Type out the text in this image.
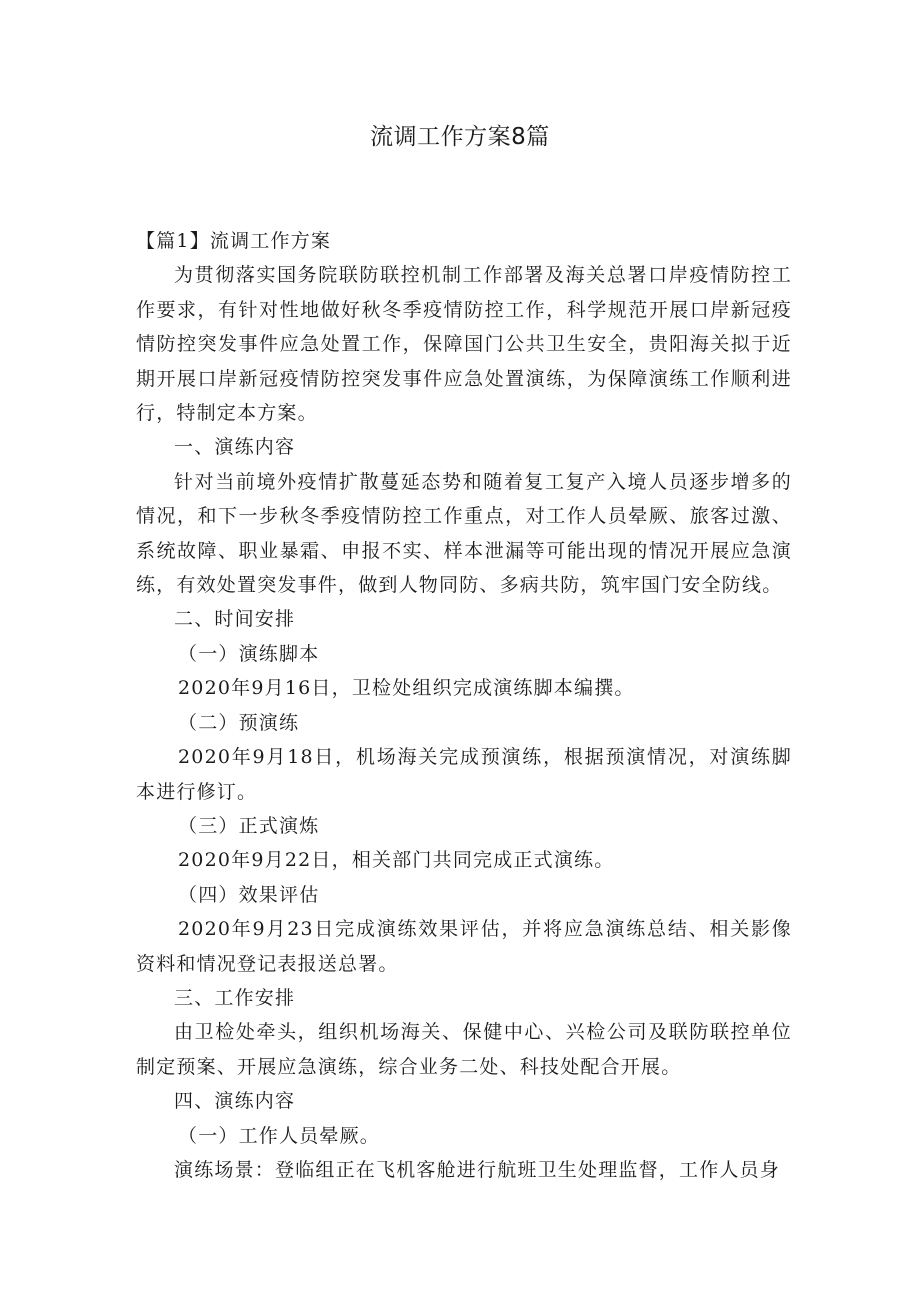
流调工作方案8篇

【篇1】流调工作方案

为贯彻落实国务院联防联控机制工作部署及海关总署口岸疫情防控工作要求，有针对性地做好秋冬季疫情防控工作，科学规范开展口岸新冠疫情防控突发事件应急处置工作，保障国门公共卫生安全，贵阳海关拟于近期开展口岸新冠疫情防控突发事件应急处置演练，为保障演练工作顺利进行，特制定本方案。

一、演练内容

针对当前境外疫情扩散蔓延态势和随着复工复产入境人员逐步增多的情况，和下一步秋冬季疫情防控工作重点，对工作人员晕厥、旅客过激、系统故障、职业暴霜、申报不实、样本泄漏等可能出现的情况开展应急演练，有效处置突发事件，做到人物同防、多病共防，筑牢国门安全防线。

二、时间安排

（一）演练脚本

2020年9月16日，卫检处组织完成演练脚本编撰。

（二）预演练

2020年9月18日，机场海关完成预演练，根据预演情况，对演练脚本进行修订。

（三）正式演炼

2020年9月22日，相关部门共同完成正式演练。

（四）效果评估

2020年9月23日完成演练效果评估，并将应急演练总结、相关影像资料和情况登记表报送总署。

三、工作安排

由卫检处牵头，组织机场海关、保健中心、兴检公司及联防联控单位制定预案、开展应急演练，综合业务二处、科技处配合开展。

四、演练内容

（一）工作人员晕厥。

演练场景：登临组正在飞机客舱进行航班卫生处理监督，工作人员身
